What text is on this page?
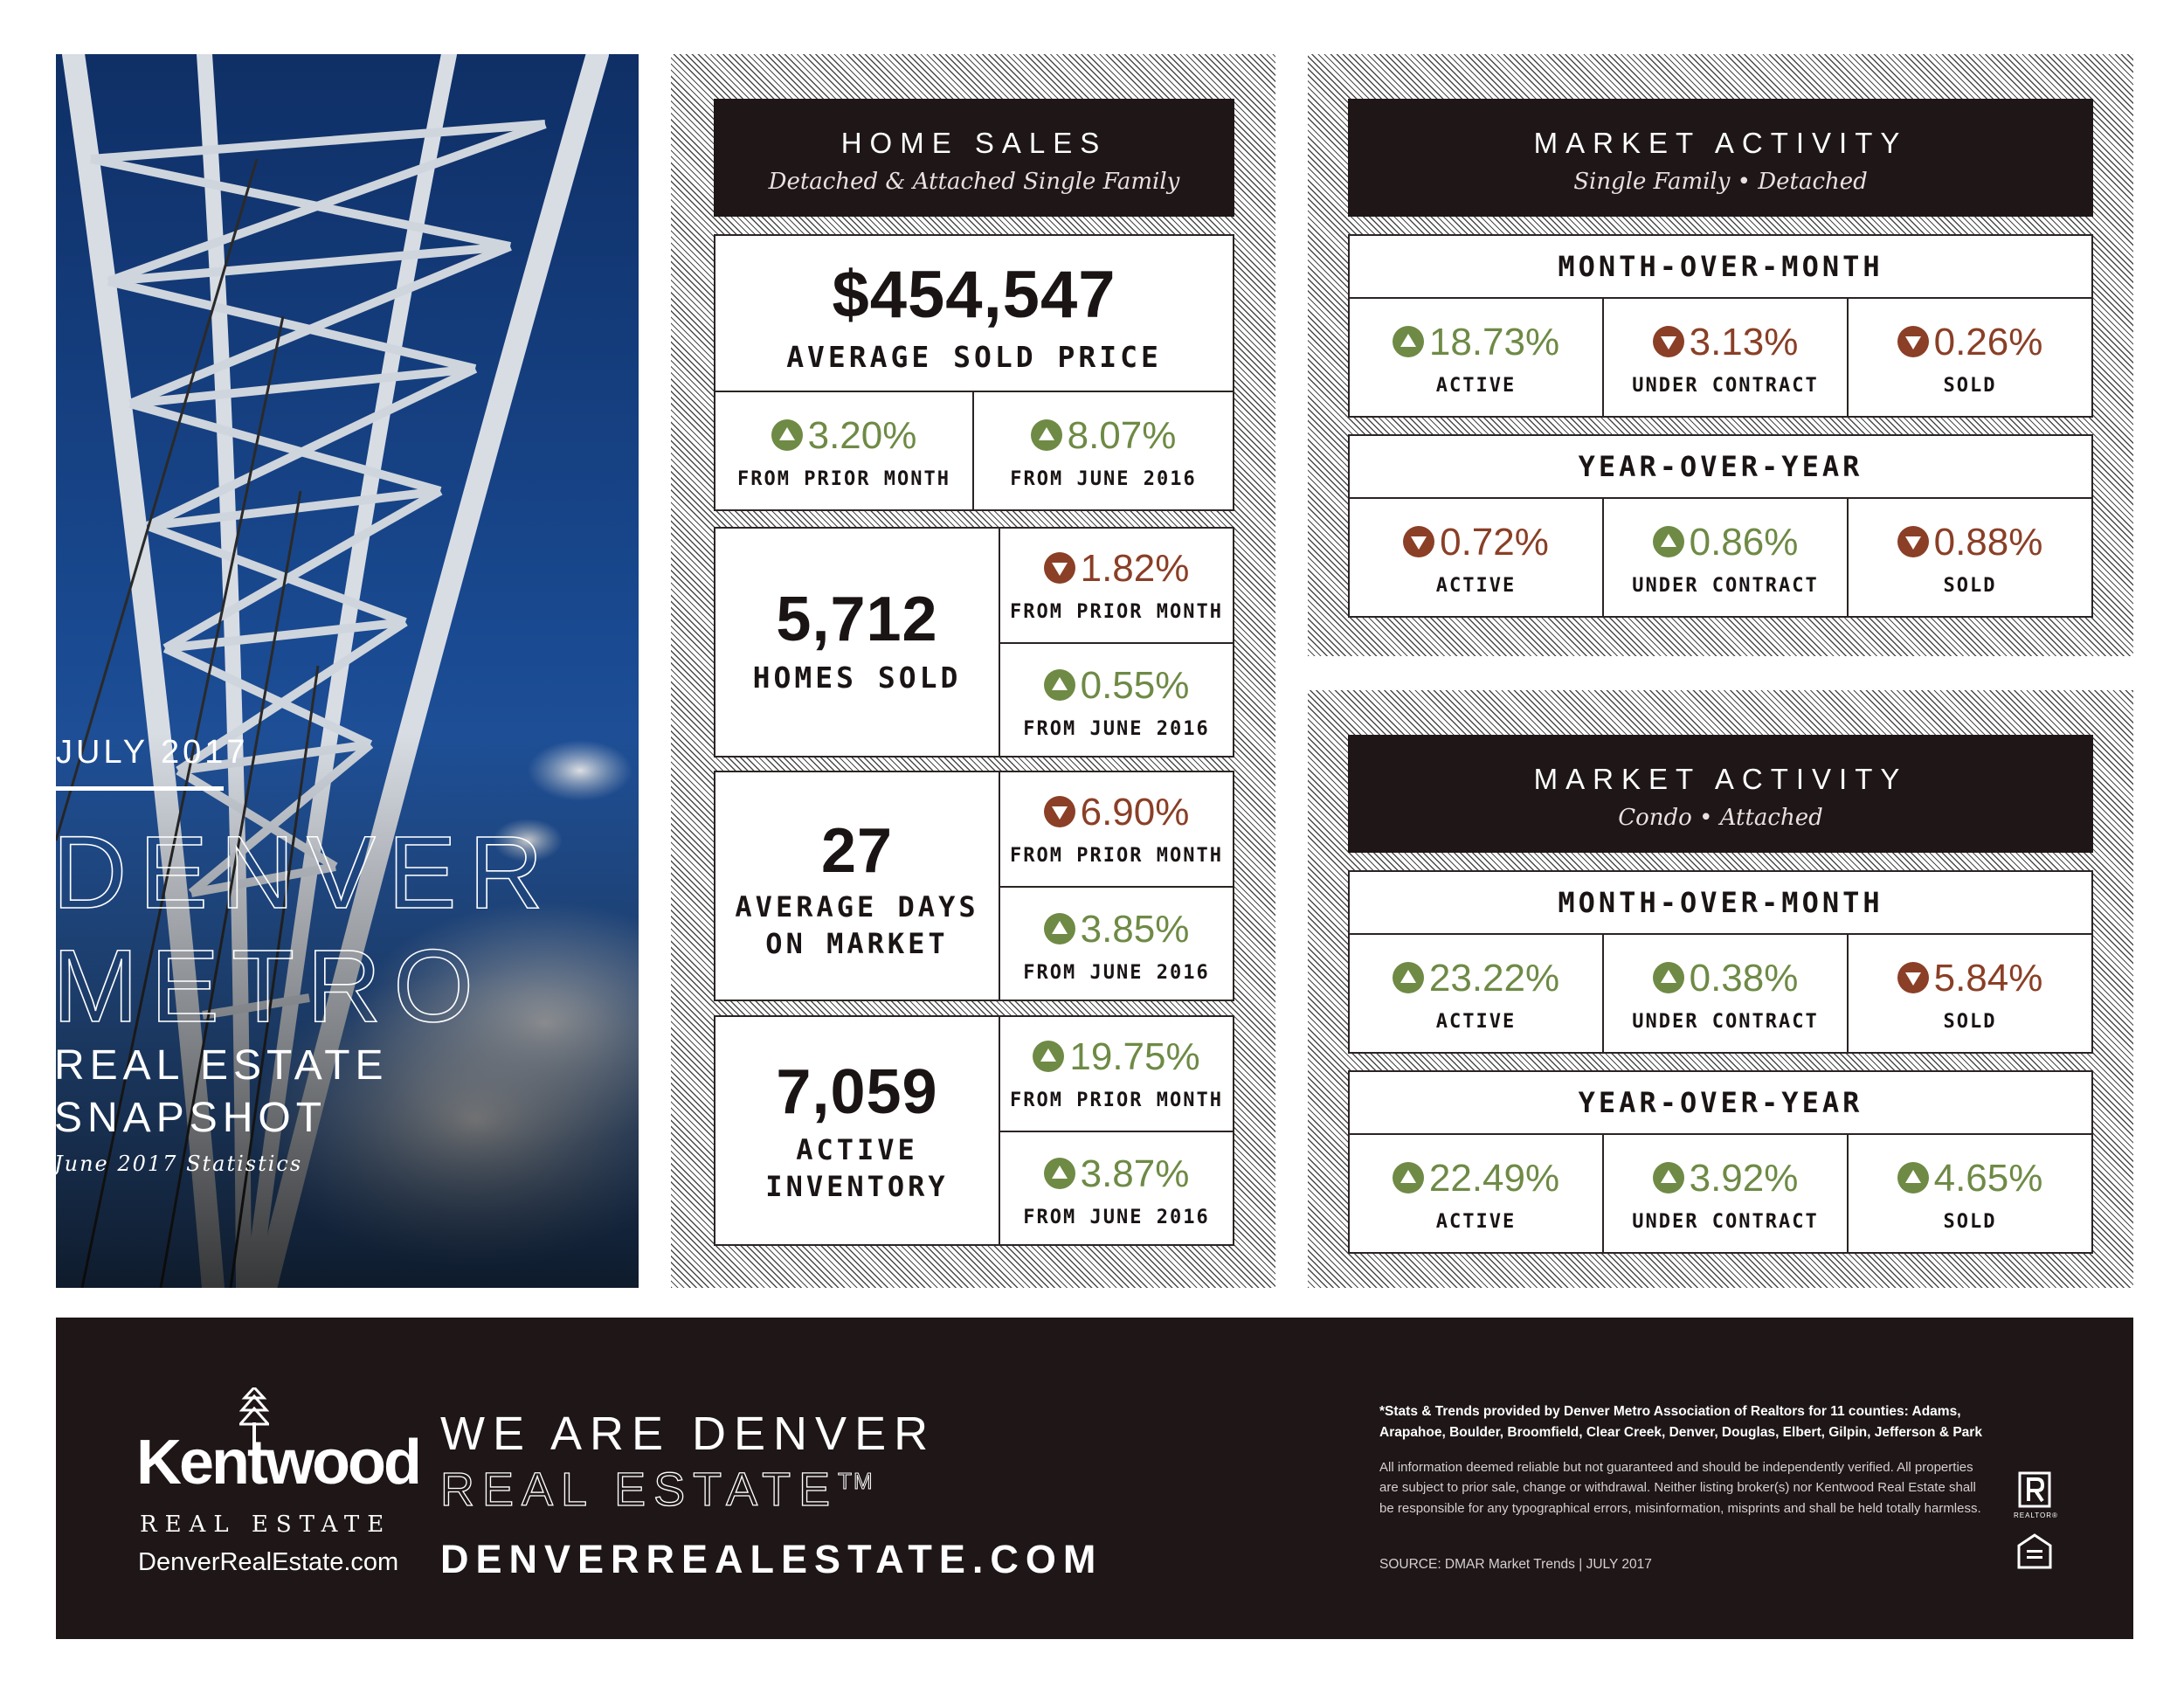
JULY 2017
DENVER
METRO
REAL ESTATE
SNAPSHOT
June 2017 Statistics
HOME SALES
Detached & Attached Single Family
$454,547
AVERAGE SOLD PRICE
3.20%
FROM PRIOR MONTH
8.07%
FROM JUNE 2016
5,712
HOMES SOLD
1.82%
FROM PRIOR MONTH
0.55%
FROM JUNE 2016
27
AVERAGE DAYS
ON MARKET
6.90%
FROM PRIOR MONTH
3.85%
FROM JUNE 2016
7,059
ACTIVE
INVENTORY
19.75%
FROM PRIOR MONTH
3.87%
FROM JUNE 2016
MARKET ACTIVITY
Single Family • Detached
MONTH-OVER-MONTH
18.73%
ACTIVE
3.13%
UNDER CONTRACT
0.26%
SOLD
YEAR-OVER-YEAR
0.72%
ACTIVE
0.86%
UNDER CONTRACT
0.88%
SOLD
MARKET ACTIVITY
Condo • Attached
MONTH-OVER-MONTH
23.22%
ACTIVE
0.38%
UNDER CONTRACT
5.84%
SOLD
YEAR-OVER-YEAR
22.49%
ACTIVE
3.92%
UNDER CONTRACT
4.65%
SOLD
Kentwood
REAL ESTATE
DenverRealEstate.com
WE ARE DENVER
REAL ESTATE™
DENVERREALESTATE.COM
*Stats & Trends provided by Denver Metro Association of Realtors for 11 counties: Adams, Arapahoe, Boulder, Broomfield, Clear Creek, Denver, Douglas, Elbert, Gilpin, Jefferson & Park
All information deemed reliable but not guaranteed and should be independently verified. All properties are subject to prior sale, change or withdrawal. Neither listing broker(s) nor Kentwood Real Estate shall be responsible for any typographical errors, misinformation, misprints and shall be held totally harmless.
SOURCE: DMAR Market Trends | JULY 2017
REALTOR®
